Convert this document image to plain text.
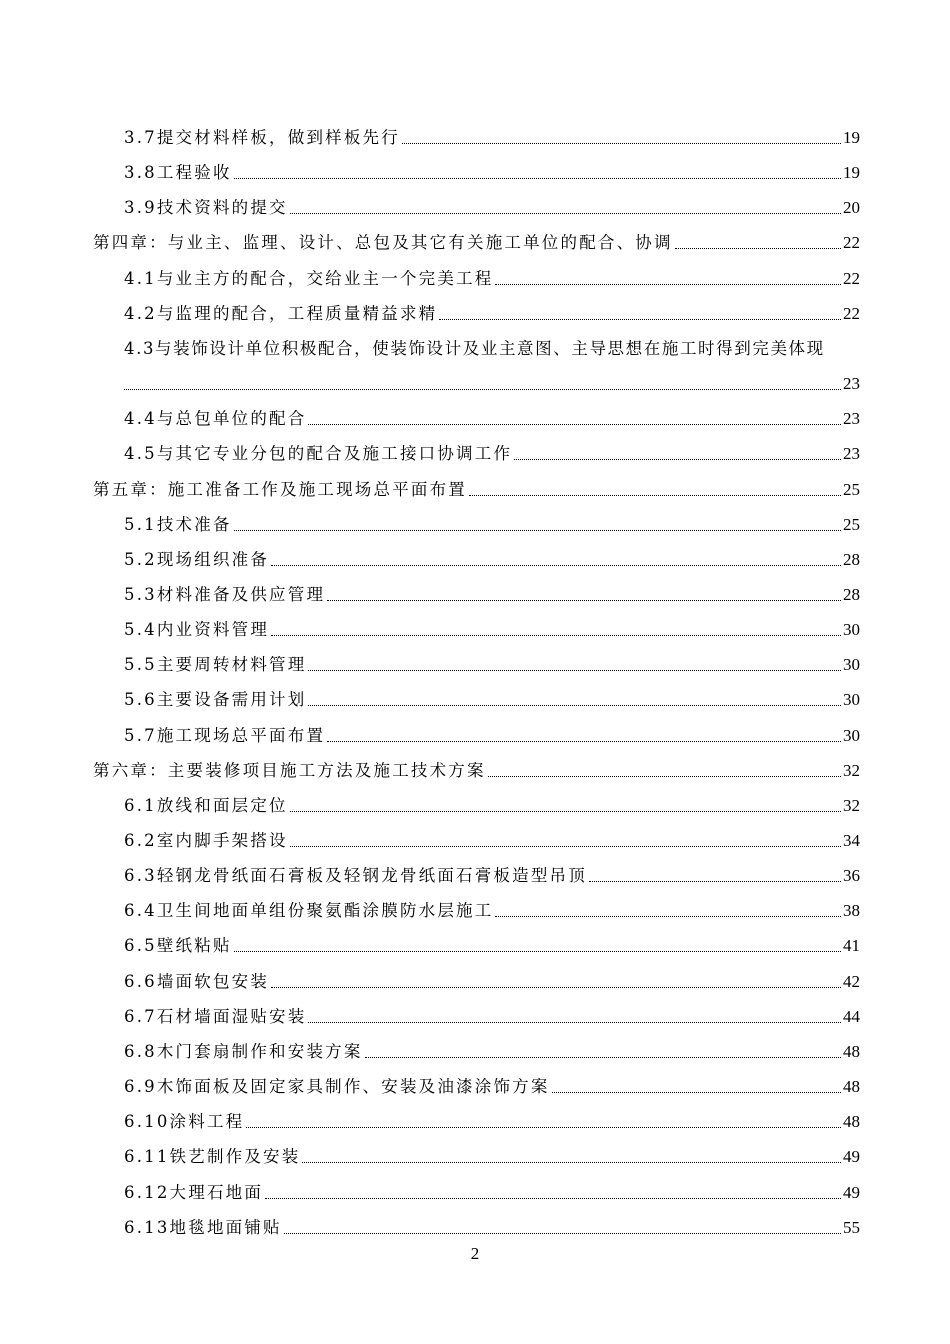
3.7提交材料样板，做到样板先行	19
3.8工程验收	19
3.9技术资料的提交	20
第四章：与业主、监理、设计、总包及其它有关施工单位的配合、协调	22
4.1与业主方的配合，交给业主一个完美工程	22
4.2与监理的配合，工程质量精益求精	22
4.3与装饰设计单位积极配合，使装饰设计及业主意图、主导思想在施工时得到完美体现
23
4.4与总包单位的配合	23
4.5与其它专业分包的配合及施工接口协调工作	23
第五章：施工准备工作及施工现场总平面布置	25
5.1技术准备	25
5.2现场组织准备	28
5.3材料准备及供应管理	28
5.4内业资料管理	30
5.5主要周转材料管理	30
5.6主要设备需用计划	30
5.7施工现场总平面布置	30
第六章：主要装修项目施工方法及施工技术方案	32
6.1放线和面层定位	32
6.2室内脚手架搭设	34
6.3轻钢龙骨纸面石膏板及轻钢龙骨纸面石膏板造型吊顶	36
6.4卫生间地面单组份聚氨酯涂膜防水层施工	38
6.5壁纸粘贴	41
6.6墙面软包安装	42
6.7石材墙面湿贴安装	44
6.8木门套扇制作和安装方案	48
6.9木饰面板及固定家具制作、安装及油漆涂饰方案	48
6.10涂料工程	48
6.11铁艺制作及安装	49
6.12大理石地面	49
6.13地毯地面铺贴	55
2
